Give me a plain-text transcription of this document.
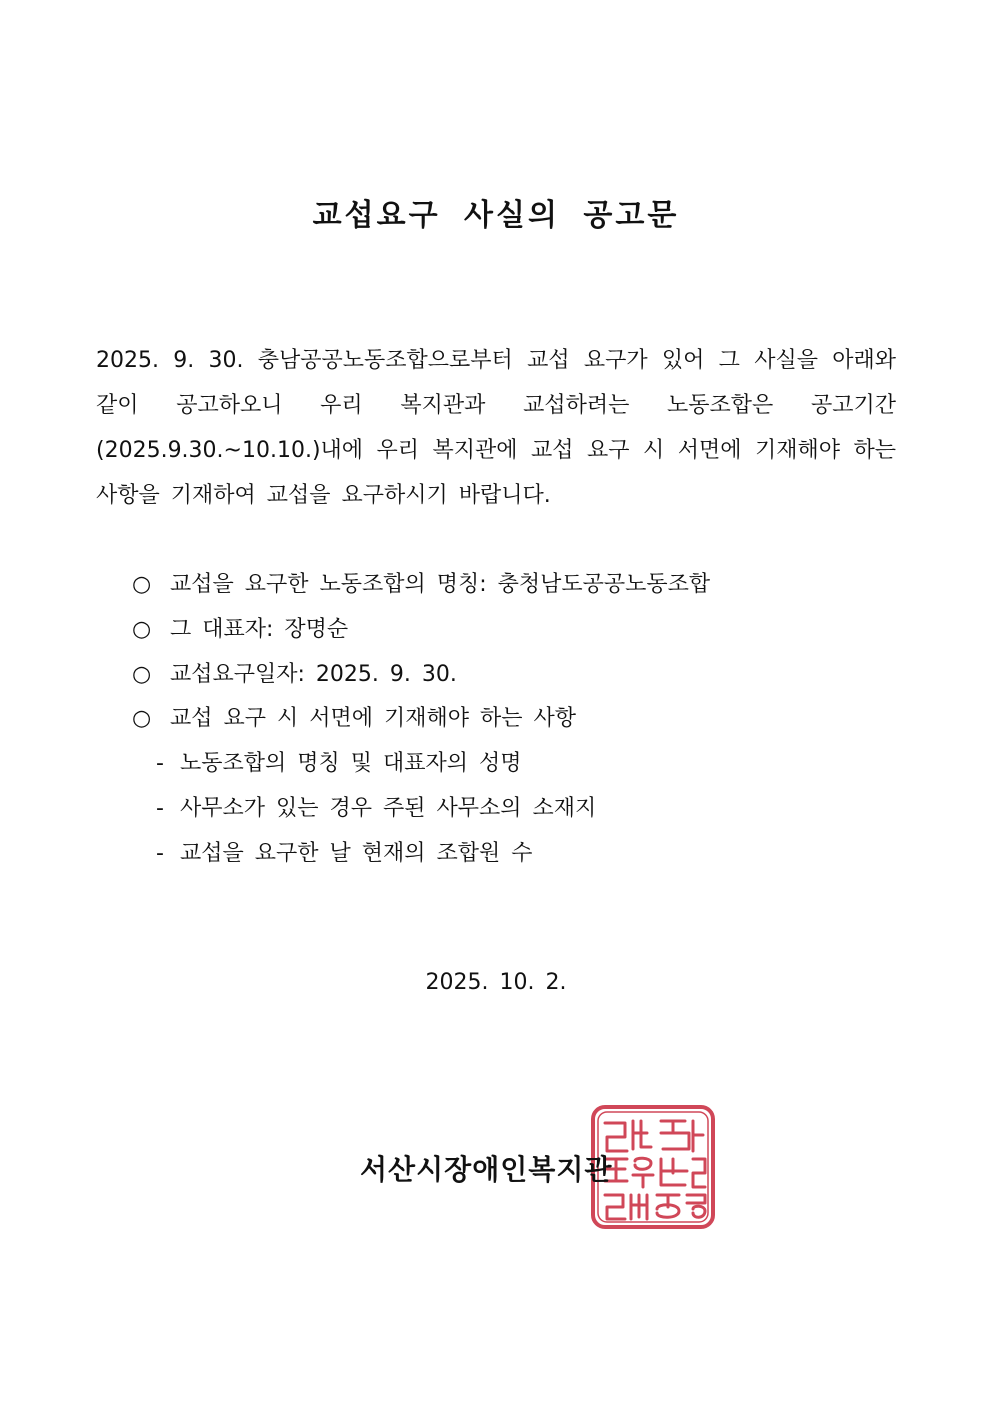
교섭요구 사실의 공고문

2025. 9. 30. 충남공공노동조합으로부터 교섭 요구가 있어 그 사실을 아래와 같이 공고하오니 우리 복지관과 교섭하려는 노동조합은 공고기간(2025.9.30.~10.10.)내에 우리 복지관에 교섭 요구 시 서면에 기재해야 하는 사항을 기재하여 교섭을 요구하시기 바랍니다.

○ 교섭을 요구한 노동조합의 명칭: 충청남도공공노동조합
○ 그 대표자: 장명순
○ 교섭요구일자: 2025. 9. 30.
○ 교섭 요구 시 서면에 기재해야 하는 사항
- 노동조합의 명칭 및 대표자의 성명
- 사무소가 있는 경우 주된 사무소의 소재지
- 교섭을 요구한 날 현재의 조합원 수

2025. 10. 2.

서산시장애인복지관
